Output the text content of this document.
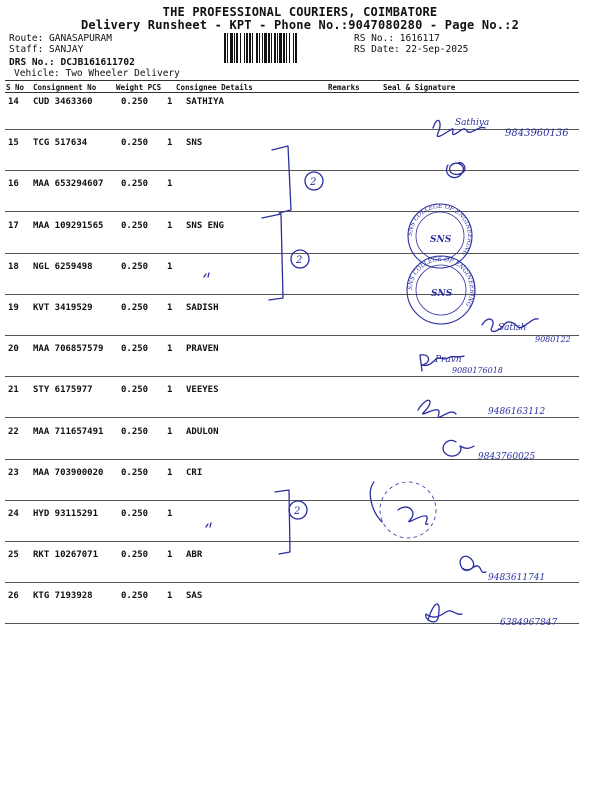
THE PROFESSIONAL COURIERS, COIMBATORE
Delivery Runsheet - KPT - Phone No.:9047080280 - Page No.:2
Route: GANASAPURAM
Staff: SANJAY
DRS No.: DCJB161611702
Vehicle: Two Wheeler Delivery
RS No.: 1616117
RS Date: 22-Sep-2025
S No Consignment No	Weight PCS Consignee Details	Remarks	Seal & Signature
14 CUD 3463360	0.250 1 SATHIYA
15 TCG 517634	0.250 1 SNS
16 MAA 653294607 0.250 1
17 MAA 109291565 0.250 1 SNS ENG
18 NGL 6259498	0.250 1
19 KVT 3419529	0.250 1 SADISH
20 MAA 706857579 0.250 1 PRAVEN
21 STY 6175977	0.250 1 VEEYES
22 MAA 711657491 0.250 1 ADULON
23 MAA 703900020 0.250 1 CRI
24 HYD 93115291	0.250 1
25 RKT 10267071	0.250 1 ABR
26 KTG 7193928	0.250 1 SAS
9843960136
Sathiya
9080122
Satish
9080176018
Pravn
9486163112
9843760025
9483611741
6384967847
2
2
2
SNS COLLEGE OF ENGINEERING
SNS COLLEGE OF ENGINEERING
SNS
SNS
